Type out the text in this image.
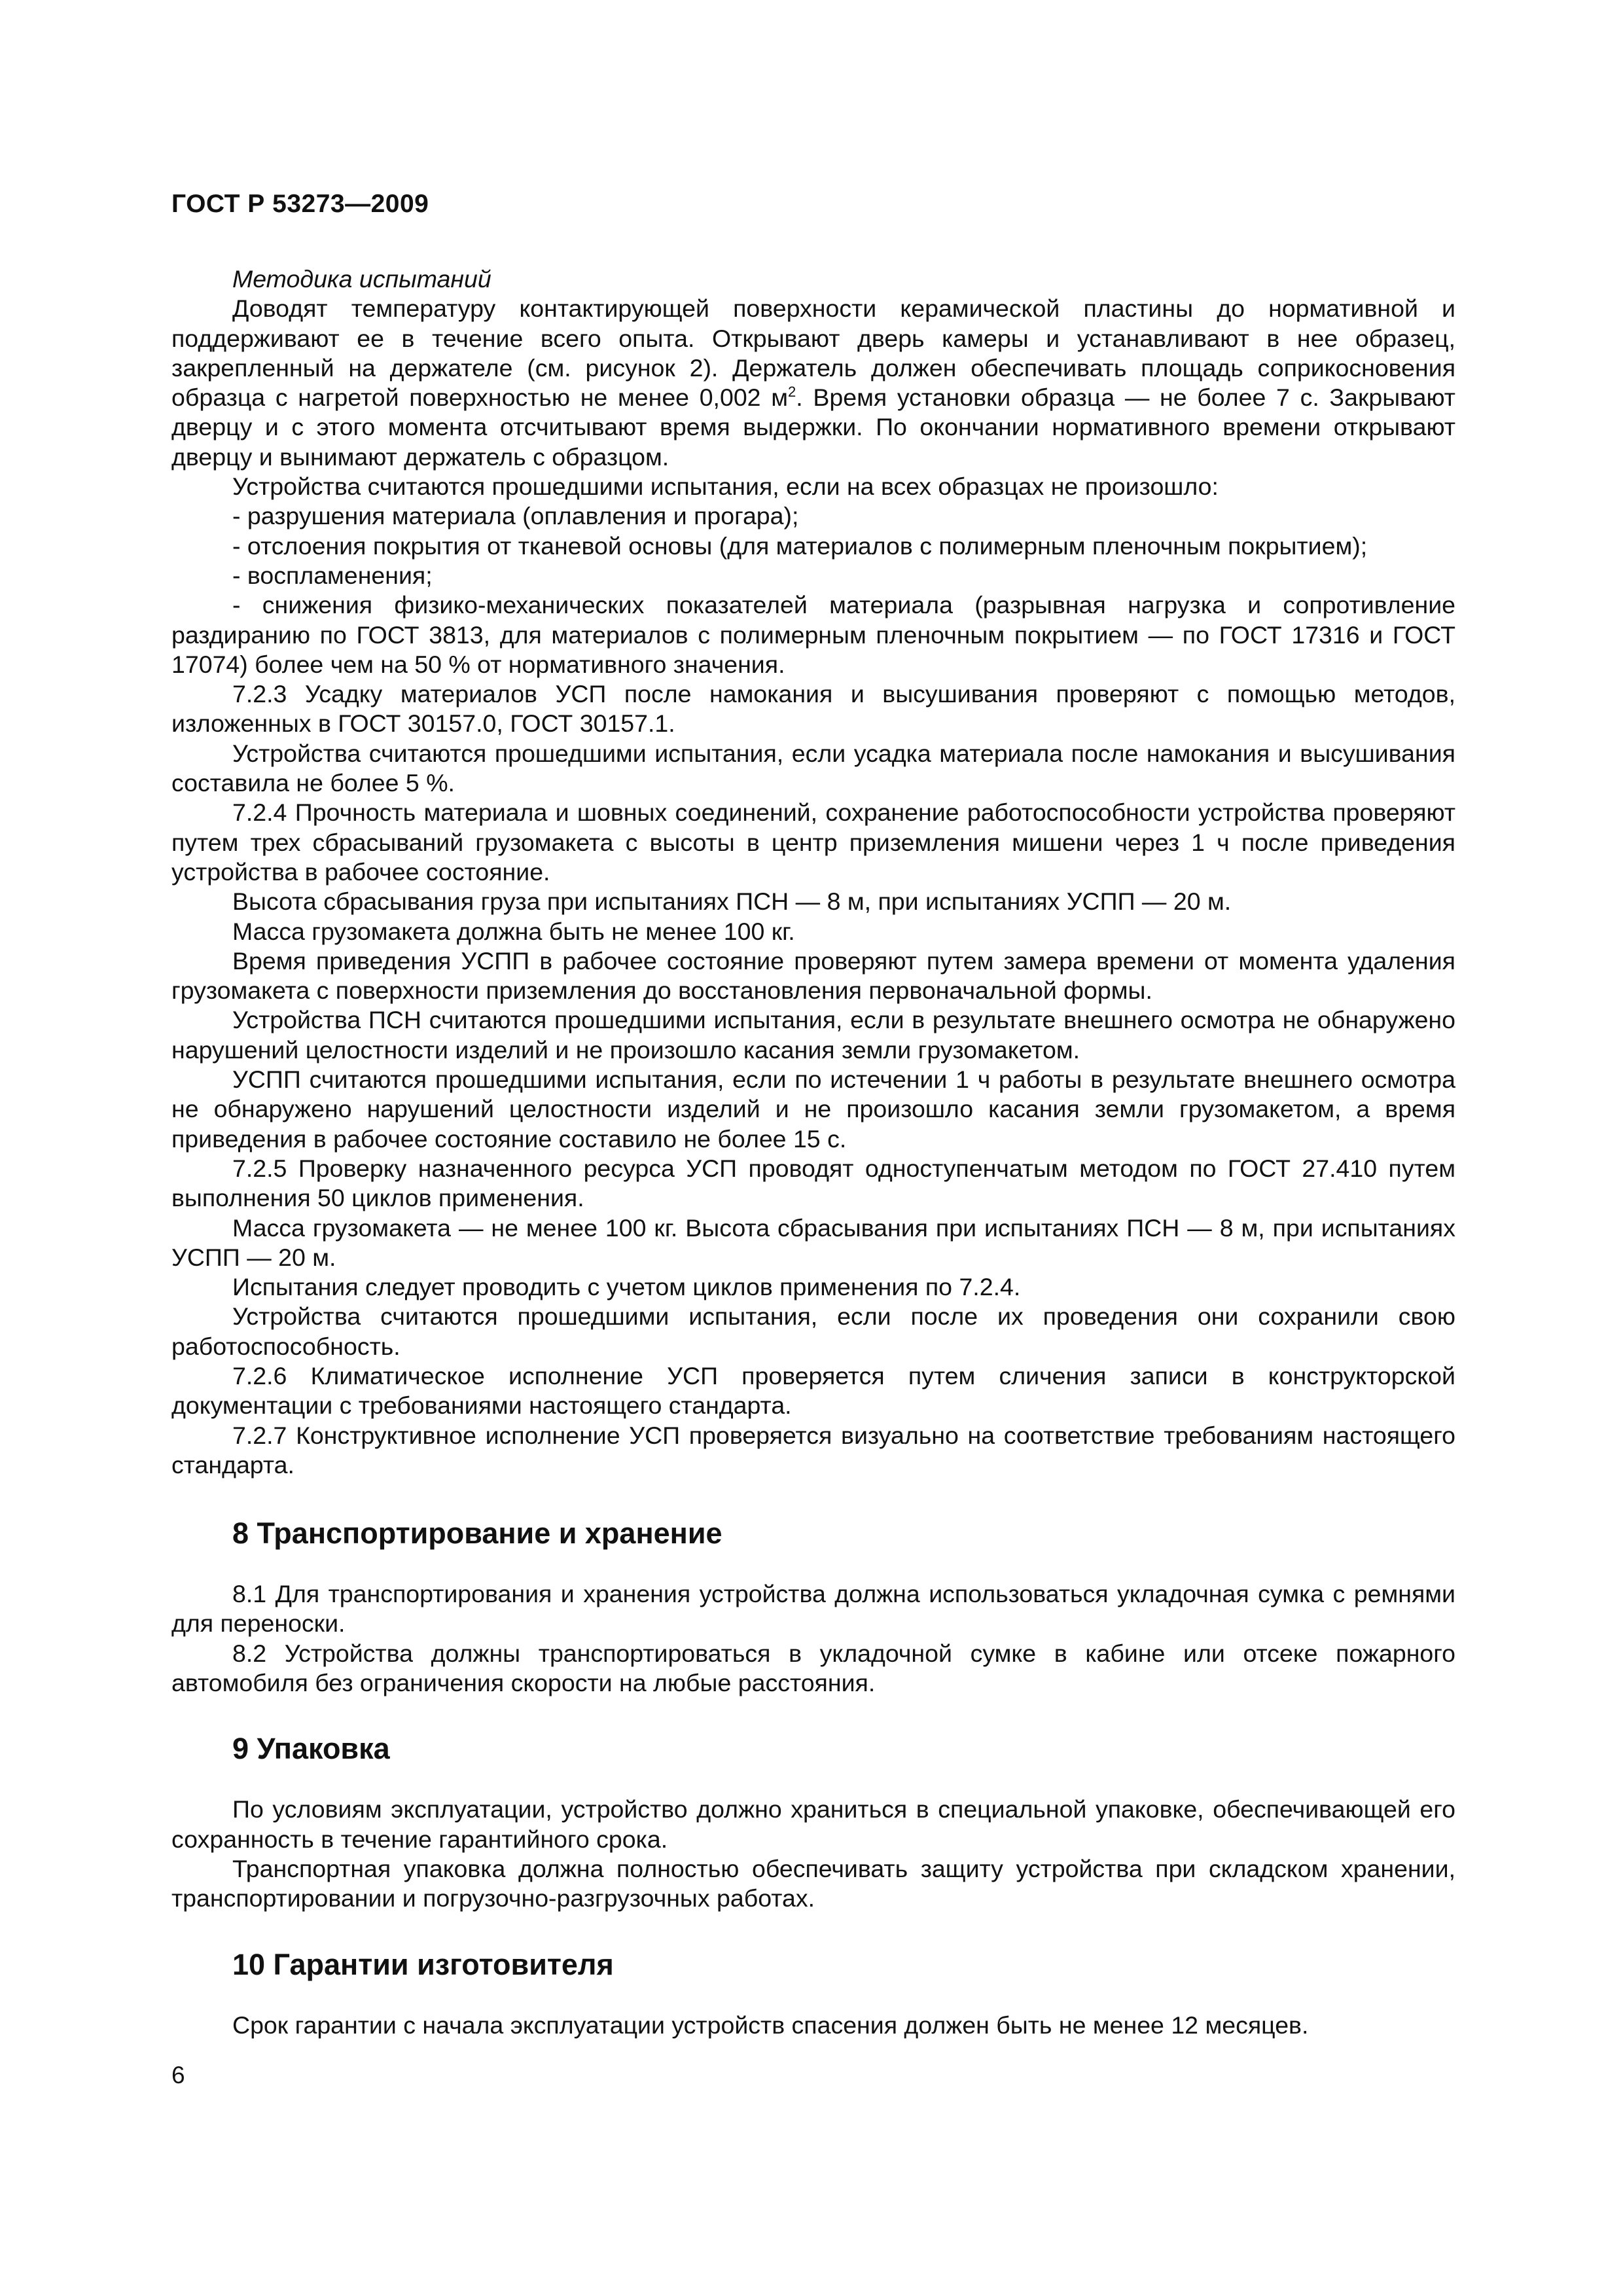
ГОСТ Р 53273—2009

Методика испытаний

Доводят температуру контактирующей поверхности керамической пластины до нормативной и поддерживают ее в течение всего опыта. Открывают дверь камеры и устанавливают в нее образец, закрепленный на держателе (см. рисунок 2). Держатель должен обеспечивать площадь соприкосновения образца с нагретой поверхностью не менее 0,002 $м^2$. Время установки образца — не более 7 с. Закрывают дверцу и с этого момента отсчитывают время выдержки. По окончании нормативного времени открывают дверцу и вынимают держатель с образцом.

Устройства считаются прошедшими испытания, если на всех образцах не произошло:

- разрушения материала (оплавления и прогара);

- отслоения покрытия от тканевой основы (для материалов с полимерным пленочным покрытием);

- воспламенения;

- снижения физико-механических показателей материала (разрывная нагрузка и сопротивление раздиранию по ГОСТ 3813, для материалов с полимерным пленочным покрытием — по ГОСТ 17316 и ГОСТ 17074) более чем на 50 % от нормативного значения.

7.2.3 Усадку материалов УСП после намокания и высушивания проверяют с помощью методов, изложенных в ГОСТ 30157.0, ГОСТ 30157.1.

Устройства считаются прошедшими испытания, если усадка материала после намокания и высушивания составила не более 5 %.

7.2.4 Прочность материала и шовных соединений, сохранение работоспособности устройства проверяют путем трех сбрасываний грузомакета с высоты в центр приземления мишени через 1 ч после приведения устройства в рабочее состояние.

Высота сбрасывания груза при испытаниях ПСН — 8 м, при испытаниях УСПП — 20 м.

Масса грузомакета должна быть не менее 100 кг.

Время приведения УСПП в рабочее состояние проверяют путем замера времени от момента удаления грузомакета с поверхности приземления до восстановления первоначальной формы.

Устройства ПСН считаются прошедшими испытания, если в результате внешнего осмотра не обнаружено нарушений целостности изделий и не произошло касания земли грузомакетом.

УСПП считаются прошедшими испытания, если по истечении 1 ч работы в результате внешнего осмотра не обнаружено нарушений целостности изделий и не произошло касания земли грузомакетом, а время приведения в рабочее состояние составило не более 15 с.

7.2.5 Проверку назначенного ресурса УСП проводят одноступенчатым методом по ГОСТ 27.410 путем выполнения 50 циклов применения.

Масса грузомакета — не менее 100 кг. Высота сбрасывания при испытаниях ПСН — 8 м, при испытаниях УСПП — 20 м.

Испытания следует проводить с учетом циклов применения по 7.2.4.

Устройства считаются прошедшими испытания, если после их проведения они сохранили свою работоспособность.

7.2.6 Климатическое исполнение УСП проверяется путем сличения записи в конструкторской документации с требованиями настоящего стандарта.

7.2.7 Конструктивное исполнение УСП проверяется визуально на соответствие требованиям настоящего стандарта.

8 Транспортирование и хранение

8.1 Для транспортирования и хранения устройства должна использоваться укладочная сумка с ремнями для переноски.

8.2 Устройства должны транспортироваться в укладочной сумке в кабине или отсеке пожарного автомобиля без ограничения скорости на любые расстояния.

9 Упаковка

По условиям эксплуатации, устройство должно храниться в специальной упаковке, обеспечивающей его сохранность в течение гарантийного срока.

Транспортная упаковка должна полностью обеспечивать защиту устройства при складском хранении, транспортировании и погрузочно-разгрузочных работах.

10 Гарантии изготовителя

Срок гарантии с начала эксплуатации устройств спасения должен быть не менее 12 месяцев.

6
